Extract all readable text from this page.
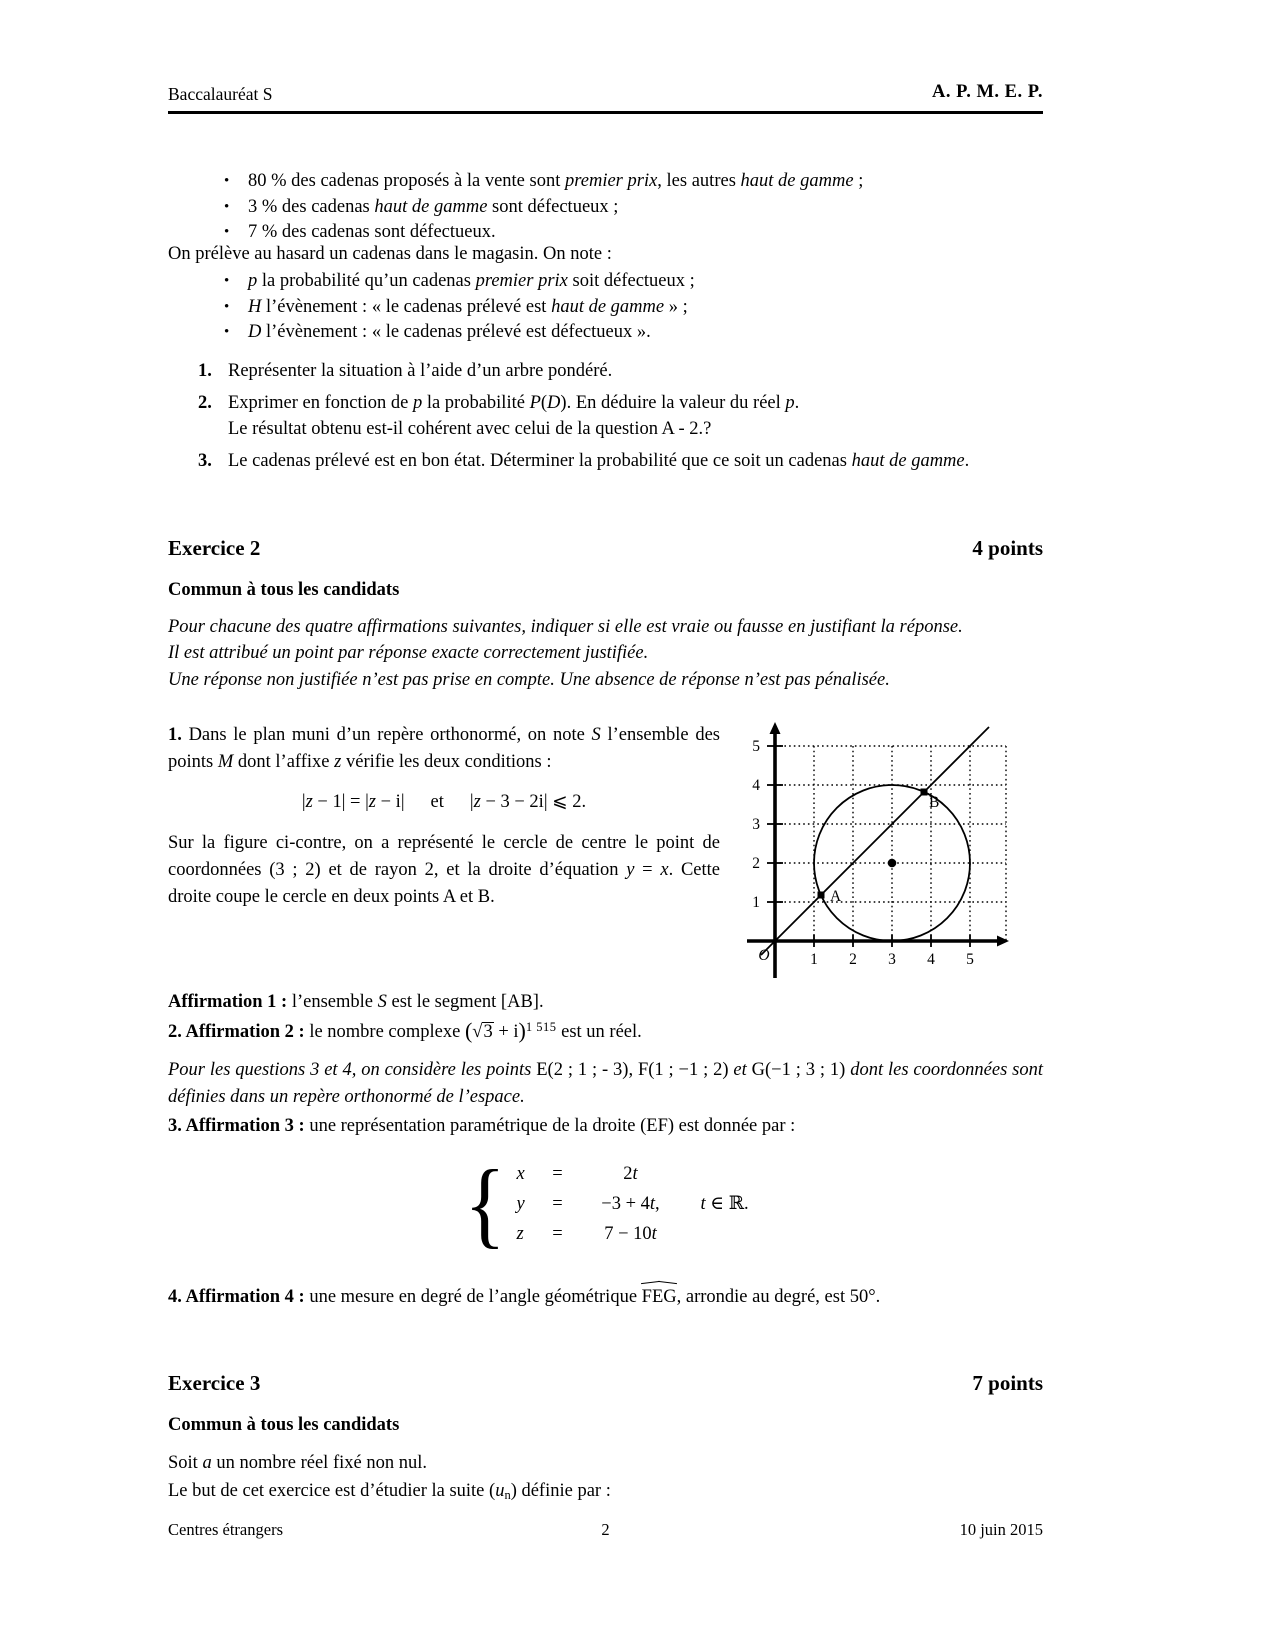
Baccalauréat S	A. P. M. E. P.
• 80 % des cadenas proposés à la vente sont premier prix, les autres haut de gamme ;
• 3 % des cadenas haut de gamme sont défectueux ;
• 7 % des cadenas sont défectueux.
On prélève au hasard un cadenas dans le magasin. On note :
• p la probabilité qu’un cadenas premier prix soit défectueux ;
• H l’évènement : « le cadenas prélevé est haut de gamme » ;
• D l’évènement : « le cadenas prélevé est défectueux ».
1. Représenter la situation à l’aide d’un arbre pondéré.
2. Exprimer en fonction de p la probabilité P(D). En déduire la valeur du réel p.
Le résultat obtenu est-il cohérent avec celui de la question A - 2.?
3. Le cadenas prélevé est en bon état. Déterminer la probabilité que ce soit un cadenas haut de gamme.
Exercice 2	4 points
Commun à tous les candidats
Pour chacune des quatre affirmations suivantes, indiquer si elle est vraie ou fausse en justifiant la réponse.
Il est attribué un point par réponse exacte correctement justifiée.
Une réponse non justifiée n’est pas prise en compte. Une absence de réponse n’est pas pénalisée.

1. Dans le plan muni d’un repère orthonormé, on note S l’ensemble des points M dont l’affixe z vérifie les deux conditions :

|z − 1| = |z − i| et |z − 3 − 2i| ⩽ 2.

Sur la figure ci-contre, on a représenté le cercle de centre le point de coordonnées (3 ; 2) et de rayon 2, et la droite d’équation y = x. Cette droite coupe le cercle en deux points A et B.

1 2 3 4 5
1
2
3
4
5
O
A
B

Affirmation 1 : l’ensemble S est le segment [AB].

2. Affirmation 2 : le nombre complexe $(√3 + i)^{1 515}$ est un réel.

Pour les questions 3 et 4, on considère les points E(2 ; 1 ; - 3), F(1 ; −1 ; 2) et G(−1 ; 3 ; 1) dont les coordonnées sont définies dans un repère orthonormé de l’espace.

3. Affirmation 3 : une représentation paramétrique de la droite (EF) est donnée par :

{ x	=	2t
y	=	−3 + 4t,	t ∈ ℝ.
z	=	7 − 10t

4. Affirmation 4 : une mesure en degré de l’angle géométrique FEG, arrondie au degré, est 50°.

Exercice 3	7 points
Commun à tous les candidats

Soit a un nombre réel fixé non nul.

Le but de cet exercice est d’étudier la suite $(u_n)$ définie par :

Centres étrangers	2	10 juin 2015
